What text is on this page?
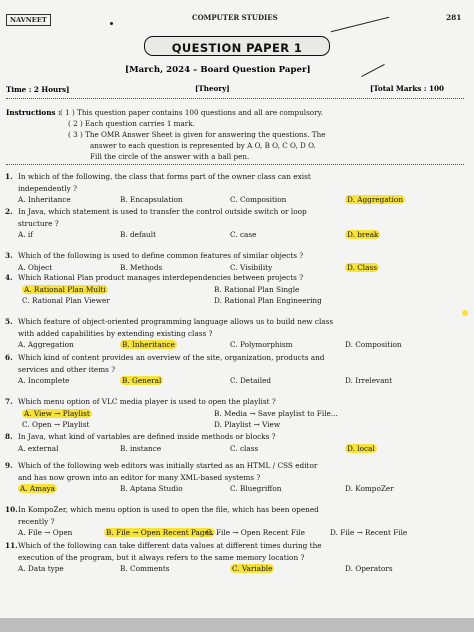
NAVNEET	COMPUTER STUDIES	281
QUESTION PAPER 1
[March, 2024 – Board Question Paper]
Time : 2 Hours]	[Theory]	[Total Marks : 100
Instructions : ( 1 ) This question paper contains 100 questions and all are compulsory.
( 2 ) Each question carries 1 mark.
( 3 ) The OMR Answer Sheet is given for answering the questions. The
answer to each question is represented by A O, B O, C O, D O.
Fill the circle of the answer with a ball pen.
A. Inheritance	B. Encapsulation	C. Composition	D. Aggregation
1. In which of the following, the class that forms part of the owner class can exist
independently ?
A. if	B. default	C. case	D. break
2. In Java, which statement is used to transfer the control outside switch or loop
structure ?
A. Object	B. Methods	C. Visibility	D. Class
3. Which of the following is used to define common features of similar objects ?
A. Rational Plan Multi	B. Rational Plan Single
C. Rational Plan Viewer	D. Rational Plan Engineering
4. Which Rational Plan product manages interdependencies between projects ?
A. Aggregation	B. Inheritance	C. Polymorphism	D. Composition
5. Which feature of object-oriented programming language allows us to build new class
with added capabilities by extending existing class ?
A. Incomplete	B. General	C. Detailed	D. Irrelevant
6. Which kind of content provides an overview of the site, organization, products and
services and other items ?
A. View → Playlist	B. Media → Save playlist to File...
C. Open → Playlist	D. Playlist → View
7. Which menu option of VLC media player is used to open the playlist ?
A. external	B. instance	C. class	D. local
8. In Java, what kind of variables are defined inside methods or blocks ?
A. Amaya	B. Aptana Studio	C. Bluegriffon	D. KompoZer
9. Which of the following web editors was initially started as an HTML / CSS editor
and has now grown into an editor for many XML-based systems ?
A. File → Open	B. File → Open Recent Pages
C. File → Open Recent File	D. File → Recent File
10. In KompoZer, which menu option is used to open the file, which has been opened
recently ?
A. Data type	B. Comments	C. Variable	D. Operators
11. Which of the following can take different data values at different times during the
execution of the program, but it always refers to the same memory location ?
